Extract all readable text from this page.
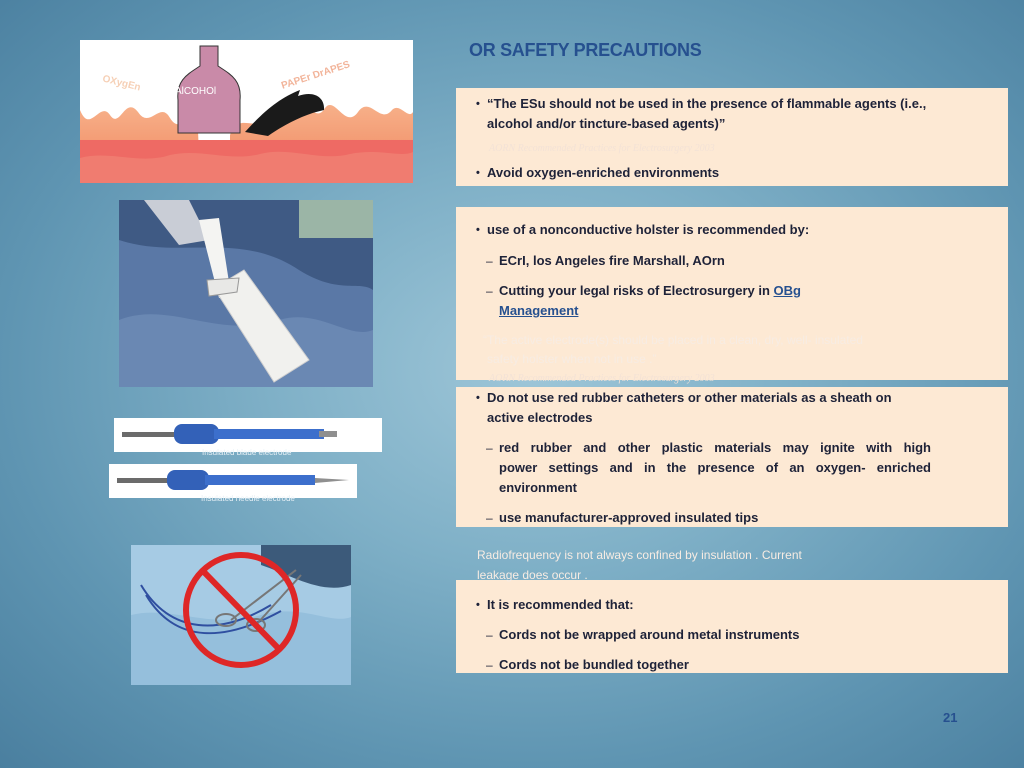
OR SAFETY PRECAUTIONS
OXygEn	AlCOHOl	PAPEr DrAPES
Insulated blade electrode
Insulated needle electrode
• “The ESu should not be used in the presence of flammable agents (i.e.,
alcohol and/or tincture-based agents)”
AORN Recommended Practices for Electrosurgery 2003
• Avoid oxygen-enriched environments
• use of a nonconductive holster is recommended by:
– ECrI, los Angeles fire Marshall, AOrn
– Cutting your legal risks of Electrosurgery in OBg
Management
“The active electrode(s) should be placed in a clean, dry, well- insulated
safety holster when not in use .”
AORN Recommended Practices for Electrosurgery 2003
• Do not use red rubber catheters or other materials as a sheath on
active electrodes
– red rubber and other plastic materials may ignite with high
power settings and in the presence of an oxygen- enriched
environment
– use manufacturer-approved insulated tips
Radiofrequency is not always confined by insulation . Current
leakage does occur .
• It is recommended that:
– Cords not be wrapped around metal instruments
– Cords not be bundled together
21
